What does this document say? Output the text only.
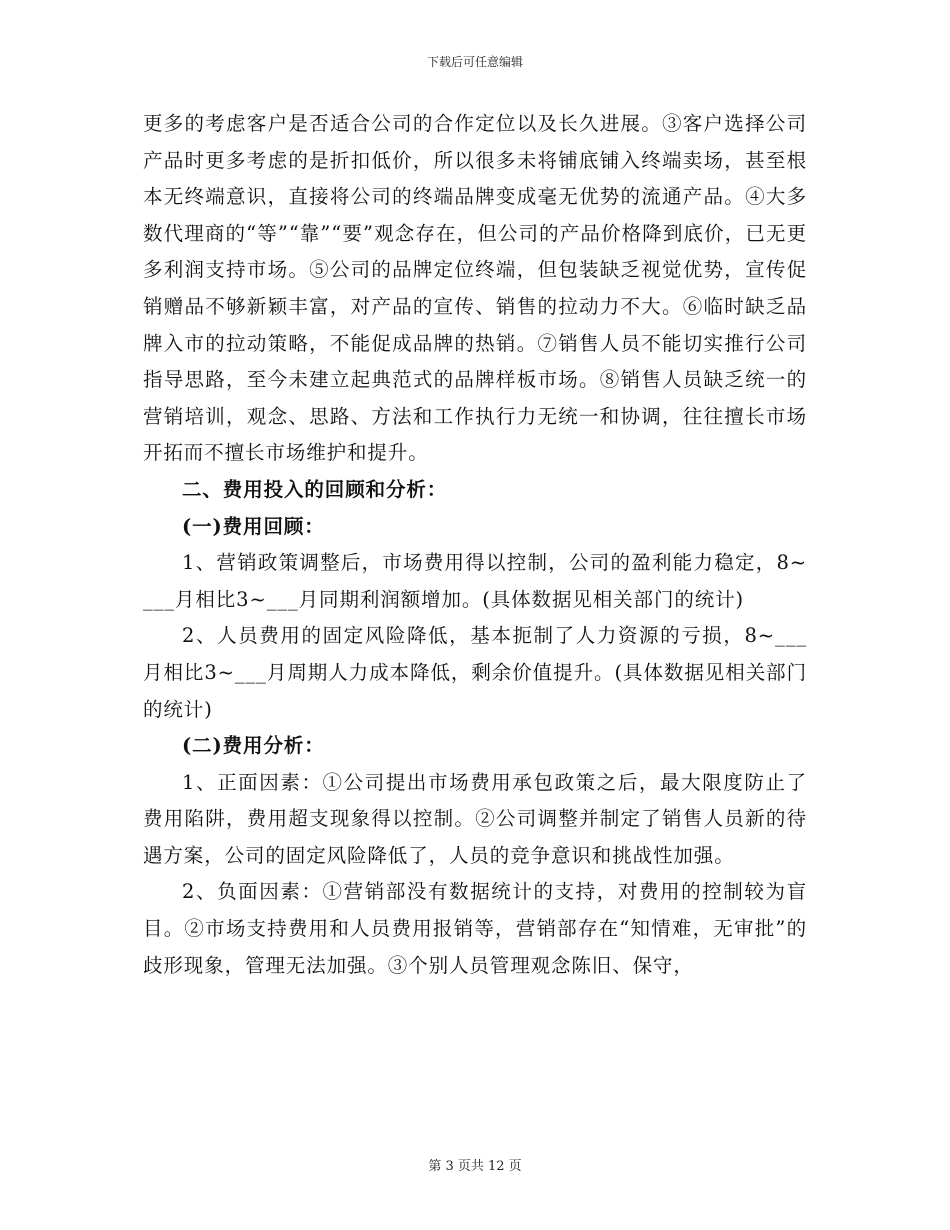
下载后可任意编辑

更多的考虑客户是否适合公司的合作定位以及长久进展。③客户选择公司产品时更多考虑的是折扣低价，所以很多未将铺底铺入终端卖场，甚至根本无终端意识，直接将公司的终端品牌变成毫无优势的流通产品。④大多数代理商的“等”“靠”“要”观念存在，但公司的产品价格降到底价，已无更多利润支持市场。⑤公司的品牌定位终端，但包装缺乏视觉优势，宣传促销赠品不够新颖丰富，对产品的宣传、销售的拉动力不大。⑥临时缺乏品牌入市的拉动策略，不能促成品牌的热销。⑦销售人员不能切实推行公司指导思路，至今未建立起典范式的品牌样板市场。⑧销售人员缺乏统一的营销培训，观念、思路、方法和工作执行力无统一和协调，往往擅长市场开拓而不擅长市场维护和提升。

二、费用投入的回顾和分析：

(一)费用回顾：

1、营销政策调整后，市场费用得以控制，公司的盈利能力稳定，8~___月相比3~___月同期利润额增加。(具体数据见相关部门的统计)

2、人员费用的固定风险降低，基本扼制了人力资源的亏损，8~___月相比3~___月周期人力成本降低，剩余价值提升。(具体数据见相关部门的统计)

(二)费用分析：

1、正面因素：①公司提出市场费用承包政策之后，最大限度防止了费用陷阱，费用超支现象得以控制。②公司调整并制定了销售人员新的待遇方案，公司的固定风险降低了，人员的竞争意识和挑战性加强。

2、负面因素：①营销部没有数据统计的支持，对费用的控制较为盲目。②市场支持费用和人员费用报销等，营销部存在“知情难，无审批”的歧形现象，管理无法加强。③个别人员管理观念陈旧、保守，

第 3 页共 12 页
